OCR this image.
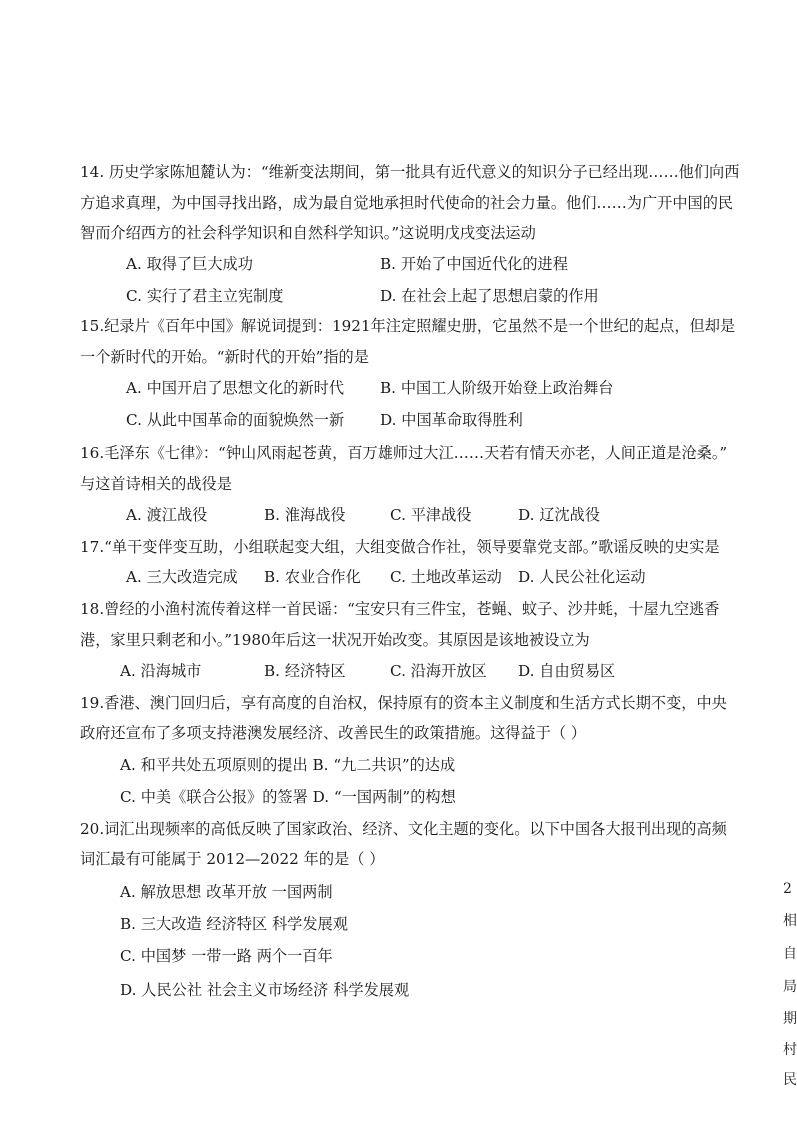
14. 历史学家陈旭麓认为：“维新变法期间，第一批具有近代意义的知识分子已经出现……他们向西
方追求真理，为中国寻找出路，成为最自觉地承担时代使命的社会力量。他们……为广开中国的民
智而介绍西方的社会科学知识和自然科学知识。”这说明戊戌变法运动
A. 取得了巨大成功	B. 开始了中国近代化的进程
C. 实行了君主立宪制度	D. 在社会上起了思想启蒙的作用
15.纪录片《百年中国》解说词提到：1921年注定照耀史册，它虽然不是一个世纪的起点，但却是
一个新时代的开始。“新时代的开始”指的是
A. 中国开启了思想文化的新时代 B. 中国工人阶级开始登上政治舞台
C. 从此中国革命的面貌焕然一新 D. 中国革命取得胜利
16.毛泽东《七律》：“钟山风雨起苍黄，百万雄师过大江……天若有情天亦老，人间正道是沧桑。”
与这首诗相关的战役是
A. 渡江战役	B. 淮海战役	C. 平津战役	D. 辽沈战役
17.“单干变伴变互助，小组联起变大组，大组变做合作社，领导要靠党支部。”歌谣反映的史实是
A. 三大改造完成 B. 农业合作化 C. 土地改革运动 D. 人民公社化运动
18.曾经的小渔村流传着这样一首民谣：“宝安只有三件宝，苍蝇、蚊子、沙井蚝，十屋九空逃香
港，家里只剩老和小。”1980年后这一状况开始改变。其原因是该地被设立为
A. 沿海城市	B. 经济特区	C. 沿海开放区 D. 自由贸易区
19.香港、澳门回归后，享有高度的自治权，保持原有的资本主义制度和生活方式长期不变，中央
政府还宣布了多项支持港澳发展经济、改善民生的政策措施。这得益于（ ）
A. 和平共处五项原则的提出 B. “九二共识”的达成
C. 中美《联合公报》的签署 D. “一国两制”的构想
20.词汇出现频率的高低反映了国家政治、经济、文化主题的变化。以下中国各大报刊出现的高频
词汇最有可能属于 2012—2022 年的是（ ）
A. 解放思想 改革开放 一国两制
B. 三大改造 经济特区 科学发展观
C. 中国梦 一带一路 两个一百年
D. 人民公社 社会主义市场经济 科学发展观
2
相
自
局
期
村
民
